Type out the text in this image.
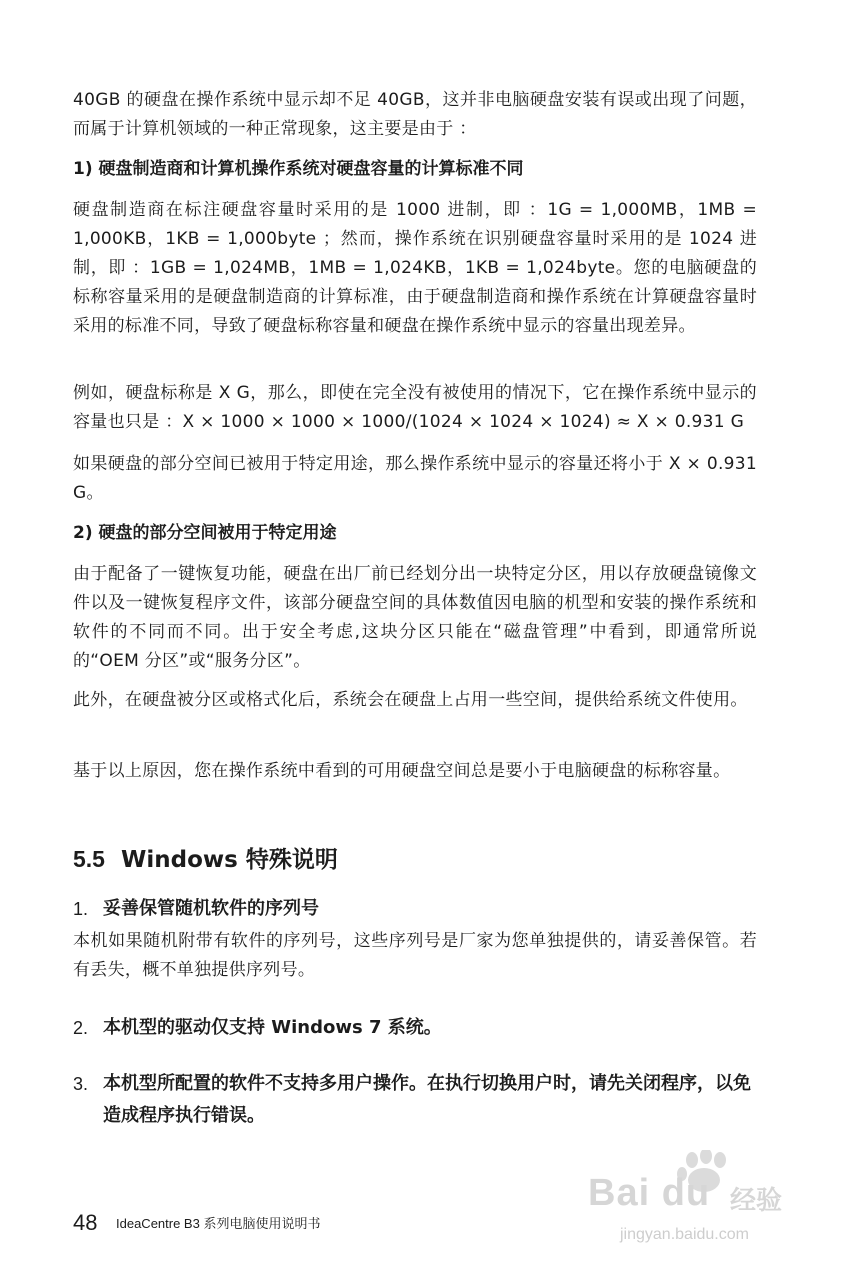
40GB 的硬盘在操作系统中显示却不足 40GB，这并非电脑硬盘安装有误或出现了问题，而属于计算机领域的一种正常现象，这主要是由于 ：

1) 硬盘制造商和计算机操作系统对硬盘容量的计算标准不同

硬盘制造商在标注硬盘容量时采用的是 1000 进制，即 ：1G = 1,000MB，1MB = 1,000KB，1KB = 1,000byte ；然而，操作系统在识别硬盘容量时采用的是 1024 进制，即 ：1GB = 1,024MB，1MB = 1,024KB，1KB = 1,024byte。您的电脑硬盘的标称容量采用的是硬盘制造商的计算标准，由于硬盘制造商和操作系统在计算硬盘容量时采用的标准不同，导致了硬盘标称容量和硬盘在操作系统中显示的容量出现差异。

例如，硬盘标称是 X G，那么，即使在完全没有被使用的情况下，它在操作系统中显示的容量也只是 ：X × 1000 × 1000 × 1000/(1024 × 1024 × 1024) ≈ X × 0.931 G

如果硬盘的部分空间已被用于特定用途，那么操作系统中显示的容量还将小于 X × 0.931 G。

2) 硬盘的部分空间被用于特定用途

由于配备了一键恢复功能，硬盘在出厂前已经划分出一块特定分区，用以存放硬盘镜像文件以及一键恢复程序文件，该部分硬盘空间的具体数值因电脑的机型和安装的操作系统和软件的不同而不同。出于安全考虑,这块分区只能在“磁盘管理”中看到，即通常所说的“OEM 分区”或“服务分区”。

此外，在硬盘被分区或格式化后，系统会在硬盘上占用一些空间，提供给系统文件使用。

基于以上原因，您在操作系统中看到的可用硬盘空间总是要小于电脑硬盘的标称容量。

5.5 Windows 特殊说明
1. 妥善保管随机软件的序列号

本机如果随机附带有软件的序列号，这些序列号是厂家为您单独提供的，请妥善保管。若有丢失，概不单独提供序列号。

2. 本机型的驱动仅支持 Windows 7 系统。
3. 本机型所配置的软件不支持多用户操作。在执行切换用户时，请先关闭程序，以免造成程序执行错误。
Bai du 经验
jingyan.baidu.com
48 IdeaCentre B3 系列电脑使用说明书
